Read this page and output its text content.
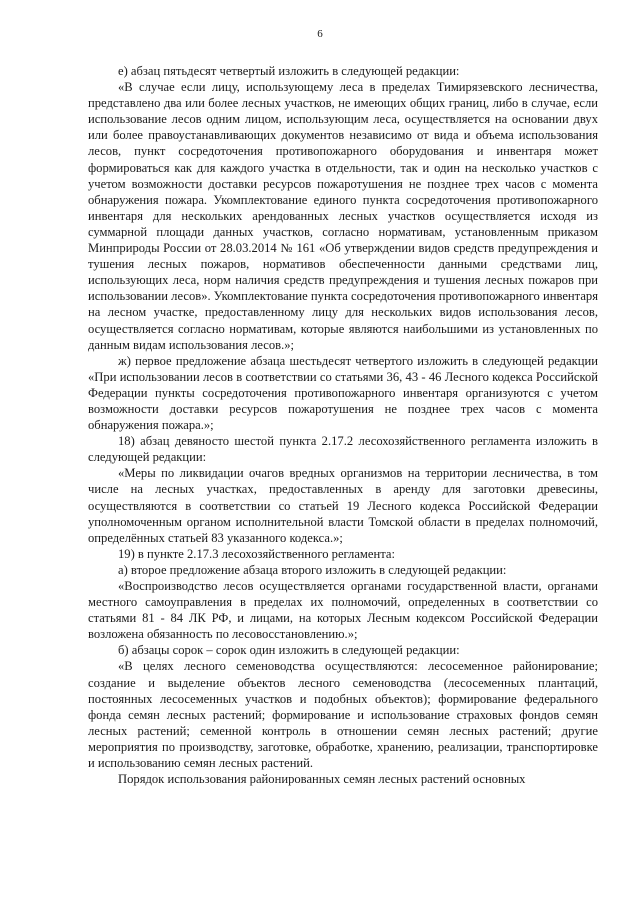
6

е) абзац пятьдесят четвертый изложить в следующей редакции:

«В случае если лицу, использующему леса в пределах Тимирязевского лесничества, представлено два или более лесных участков, не имеющих общих границ, либо в случае, если использование лесов одним лицом, использующим леса, осуществляется на основании двух или более правоустанавливающих документов независимо от вида и объема использования лесов, пункт сосредоточения противопожарного оборудования и инвентаря может формироваться как для каждого участка в отдельности, так и один на несколько участков с учетом возможности доставки ресурсов пожаротушения не позднее трех часов с момента обнаружения пожара. Укомплектование единого пункта сосредоточения противопожарного инвентаря для нескольких арендованных лесных участков осуществляется исходя из суммарной площади данных участков, согласно нормативам, установленным приказом Минприроды России от 28.03.2014 № 161 «Об утверждении видов средств предупреждения и тушения лесных пожаров, нормативов обеспеченности данными средствами лиц, использующих леса, норм наличия средств предупреждения и тушения лесных пожаров при использовании лесов». Укомплектование пункта сосредоточения противопожарного инвентаря на лесном участке, предоставленному лицу для нескольких видов использования лесов, осуществляется согласно нормативам, которые являются наибольшими из установленных по данным видам использования лесов.»;

ж) первое предложение абзаца шестьдесят четвертого изложить в следующей редакции «При использовании лесов в соответствии со статьями 36, 43 - 46 Лесного кодекса Российской Федерации пункты сосредоточения противопожарного инвентаря организуются с учетом возможности доставки ресурсов пожаротушения не позднее трех часов с момента обнаружения пожара.»;

18) абзац девяносто шестой пункта 2.17.2 лесохозяйственного регламента изложить в следующей редакции:

«Меры по ликвидации очагов вредных организмов на территории лесничества, в том числе на лесных участках, предоставленных в аренду для заготовки древесины, осуществляются в соответствии со статьей 19 Лесного кодекса Российской Федерации уполномоченным органом исполнительной власти Томской области в пределах полномочий, определённых статьей 83 указанного кодекса.»;

19) в пункте 2.17.3 лесохозяйственного регламента:

а) второе предложение абзаца второго изложить в следующей редакции:

«Воспроизводство лесов осуществляется органами государственной власти, органами местного самоуправления в пределах их полномочий, определенных в соответствии со статьями 81 - 84 ЛК РФ, и лицами, на которых Лесным кодексом Российской Федерации возложена обязанность по лесовосстановлению.»;

б) абзацы сорок – сорок один изложить в следующей редакции:

«В целях лесного семеноводства осуществляются: лесосеменное районирование; создание и выделение объектов лесного семеноводства (лесосеменных плантаций, постоянных лесосеменных участков и подобных объектов); формирование федерального фонда семян лесных растений; формирование и использование страховых фондов семян лесных растений; семенной контроль в отношении семян лесных растений; другие мероприятия по производству, заготовке, обработке, хранению, реализации, транспортировке и использованию семян лесных растений.

Порядок использования районированных семян лесных растений основных
